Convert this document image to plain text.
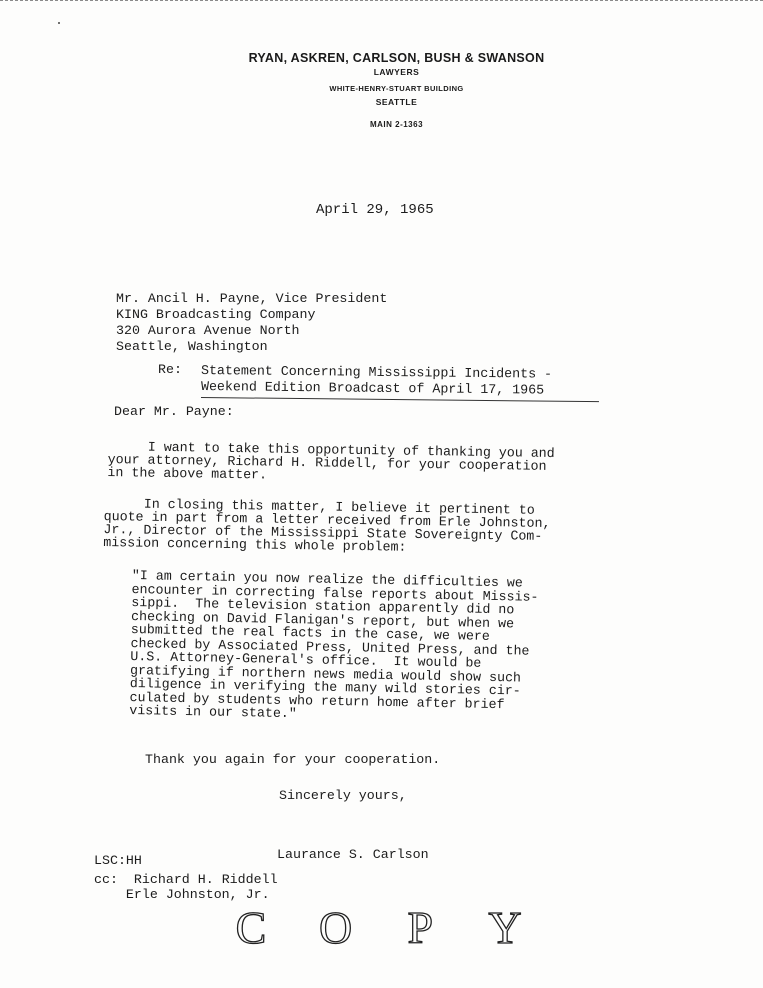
RYAN, ASKREN, CARLSON, BUSH & SWANSON
LAWYERS
WHITE-HENRY-STUART BUILDING
SEATTLE
MAIN 2-1363
April 29, 1965
Mr. Ancil H. Payne, Vice President
KING Broadcasting Company
320 Aurora Avenue North
Seattle, Washington
Re: Statement Concerning Mississippi Incidents -
Weekend Edition Broadcast of April 17, 1965
Dear Mr. Payne:
I want to take this opportunity of thanking you and
your attorney, Richard H. Riddell, for your cooperation
in the above matter.
In closing this matter, I believe it pertinent to
quote in part from a letter received from Erle Johnston,
Jr., Director of the Mississippi State Sovereignty Com-
mission concerning this whole problem:
"I am certain you now realize the difficulties we
encounter in correcting false reports about Missis-
sippi.  The television station apparently did no
checking on David Flanigan's report, but when we
submitted the real facts in the case, we were
checked by Associated Press, United Press, and the
U.S. Attorney-General's office.  It would be
gratifying if northern news media would show such
diligence in verifying the many wild stories cir-
culated by students who return home after brief
visits in our state."
Thank you again for your cooperation.
Sincerely yours,
Laurance S. Carlson
LSC:HH
cc: Richard H. Riddell
Erle Johnston, Jr.
C O P Y
